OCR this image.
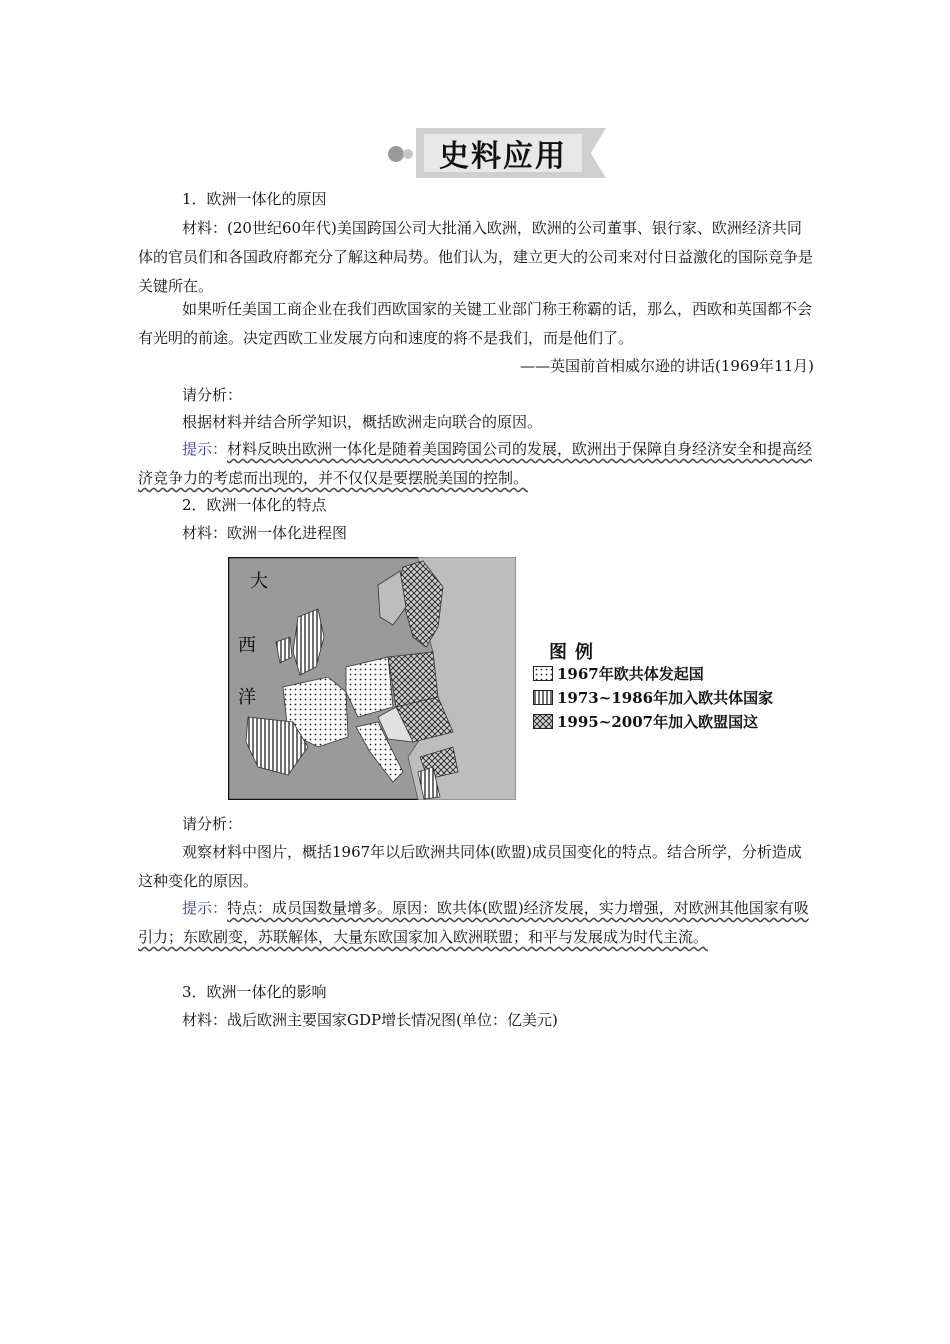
史料应用
1．欧洲一体化的原因
材料：(20世纪60年代)美国跨国公司大批涌入欧洲，欧洲的公司董事、银行家、欧洲经济共同体的官员们和各国政府都充分了解这种局势。他们认为，建立更大的公司来对付日益激化的国际竞争是关键所在。
如果听任美国工商企业在我们西欧国家的关键工业部门称王称霸的话，那么，西欧和英国都不会有光明的前途。决定西欧工业发展方向和速度的将不是我们，而是他们了。
——英国前首相威尔逊的讲话(1969年11月)
请分析：
根据材料并结合所学知识，概括欧洲走向联合的原因。
提示：材料反映出欧洲一体化是随着美国跨国公司的发展，欧洲出于保障自身经济安全和提高经济竞争力的考虑而出现的，并不仅仅是要摆脱美国的控制。
2．欧洲一体化的特点
材料：欧洲一体化进程图
大
西
洋
图例
1967年欧共体发起国
1973~1986年加入欧共体国家
1995~2007年加入欧盟国这
请分析：
观察材料中图片，概括1967年以后欧洲共同体(欧盟)成员国变化的特点。结合所学，分析造成这种变化的原因。
提示：特点：成员国数量增多。原因：欧共体(欧盟)经济发展，实力增强，对欧洲其他国家有吸引力；东欧剧变，苏联解体，大量东欧国家加入欧洲联盟；和平与发展成为时代主流。
3．欧洲一体化的影响
材料：战后欧洲主要国家GDP增长情况图(单位：亿美元)
